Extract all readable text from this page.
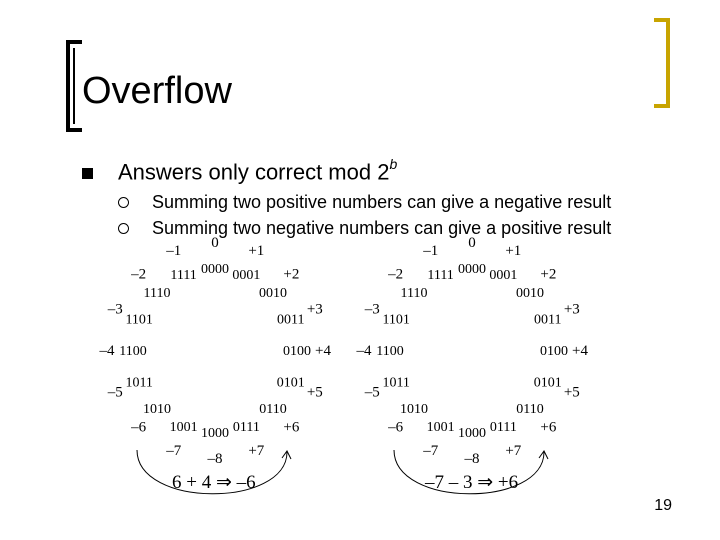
Overflow
Answers only correct mod 2$^b$
Summing two positive numbers can give a negative result
Summing two negative numbers can give a positive result
0000
0
0001
+1
0010
+2
0011
+3
0100 +4
0101
+5
0110
+6
0111
+7
1000
–8
1001
–7
1010
–6
1011
–5
1100
–4
1101
–3
1110
–2 1111
–1
0000
0
0001
+1
0010
+2
0011
+3
0100 +4
0101
+5
0110
+6
0111
+7
1000
–8
1001
–7
1010
–6
1011
–5
1100
–4
1101
–3
1110
–2 1111
–1
6 + 4 ⇒ –6	–7 – 3 ⇒ +6
19
